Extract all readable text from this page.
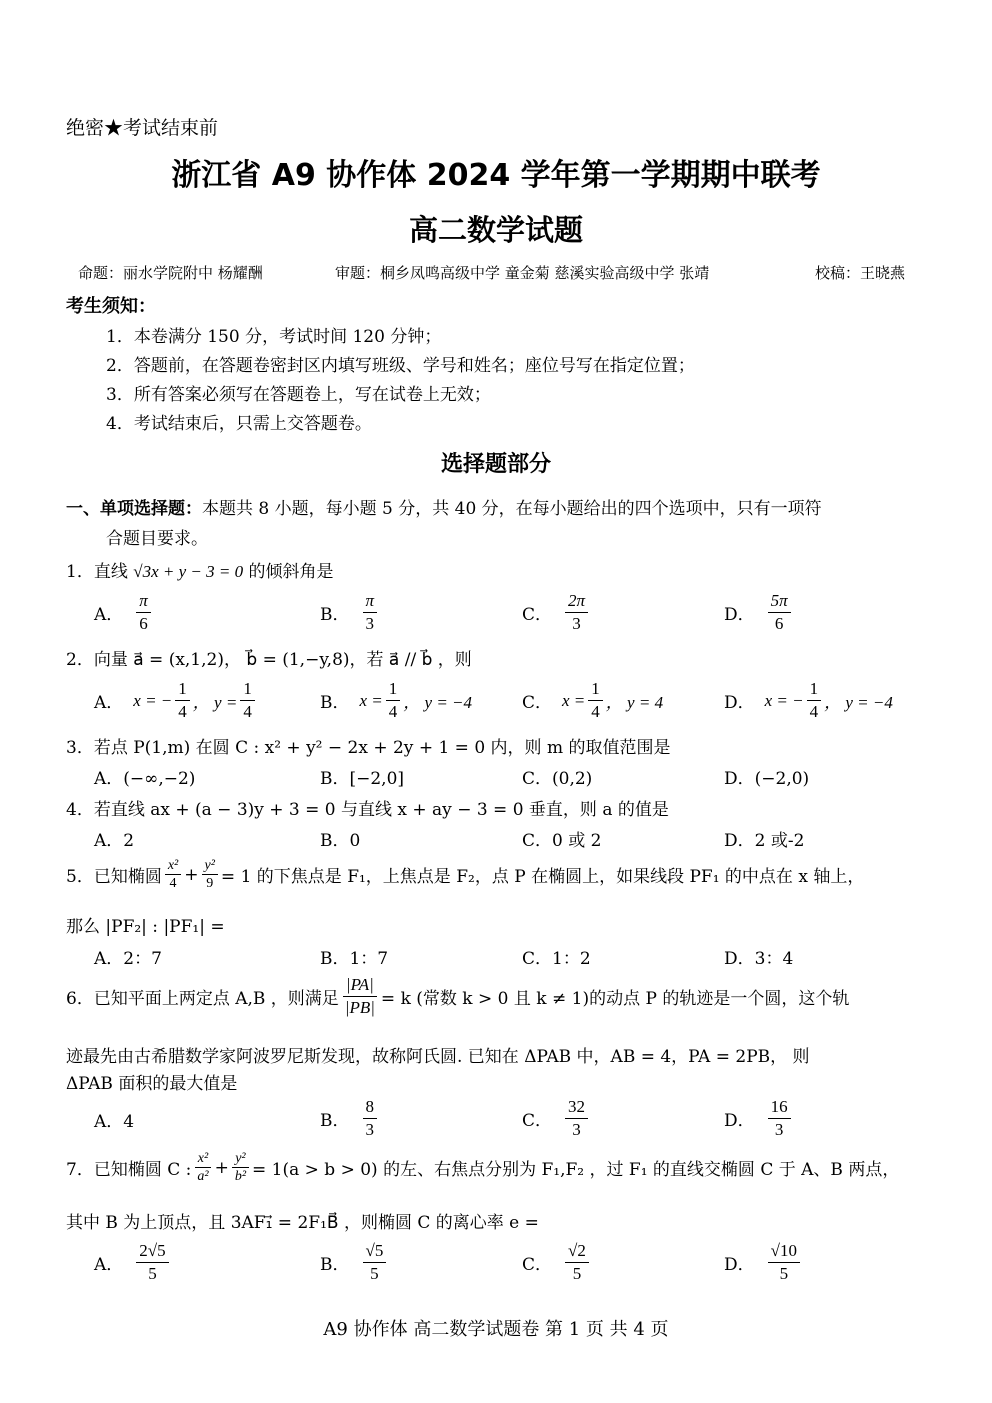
绝密★考试结束前
浙江省 A9 协作体 2024 学年第一学期期中联考
高二数学试题
命题：丽水学院附中 杨耀酬	审题：桐乡凤鸣高级中学 童金菊 慈溪实验高级中学 张靖	校稿：王晓燕
考生须知：
1．本卷满分 150 分，考试时间 120 分钟；
2．答题前，在答题卷密封区内填写班级、学号和姓名；座位号写在指定位置；
3．所有答案必须写在答题卷上，写在试卷上无效；
4．考试结束后，只需上交答题卷。
选择题部分
一、单项选择题：本题共 8 小题，每小题 5 分，共 40 分，在每小题给出的四个选项中，只有一项符
合题目要求。
1．直线 √3x + y − 3 = 0 的倾斜角是
A． $\frac{\pi}{6}$	B． $\frac{\pi}{3}$	C． $\frac{2\pi}{3}$	D． $\frac{5\pi}{6}$
2．向量 a⃗ = (x,1,2)， b⃗ = (1,−y,8)，若 a⃗ // b⃗ ，则
A． x = − $\frac{1}{4}$ ， $y = \frac{1}{4}$	B． $x = \frac{1}{4}$ ， y = −4	C． $x = \frac{1}{4}$ ， y = 4	D． x = − $\frac{1}{4}$ ， y = −4
3．若点 P(1,m) 在圆 C : x² + y² − 2x + 2y + 1 = 0 内，则 m 的取值范围是
A．(−∞,−2)	B．[−2,0]	C．(0,2)	D．(−2,0)
4．若直线 ax + (a − 3)y + 3 = 0 与直线 x + ay − 3 = 0 垂直，则 a 的值是
A．2	B．0	C．0 或 2	D．2 或-2
5．已知椭圆 $\frac{\text{x²}}{4} + \frac{\text{y²}}{9} = 1$ 的下焦点是 F₁，上焦点是 F₂，点 P 在椭圆上，如果线段 PF₁ 的中点在 x 轴上，
那么 |PF₂| : |PF₁| =
A．2：7	B．1：7	C．1：2	D．3：4
6．已知平面上两定点 A,B ，则满足 $\frac{|PA|}{|PB|} = k$ (常数 k > 0 且 k ≠ 1)的动点 P 的轨迹是一个圆，这个轨
迹最先由古希腊数学家阿波罗尼斯发现，故称阿氏圆. 已知在 ΔPAB 中，AB = 4，PA = 2PB， 则
ΔPAB 面积的最大值是
A．4	B． $\frac{8}{3}$	C． $\frac{32}{3}$	D． $\frac{16}{3}$
7．已知椭圆 C : $\frac{\text{x²}}{\text{a²}} + \frac{\text{y²}}{\text{b²}} = 1(a > b > 0)$ 的左、右焦点分别为 F₁,F₂ ，过 F₁ 的直线交椭圆 C 于 A、B 两点，
其中 B 为上顶点，且 3AF₁⃗ = 2F₁B⃗ ，则椭圆 C 的离心率 e =
A． $\frac{2√5}{5}$	B． $\frac{√5}{5}$	C． $\frac{√2}{5}$	D． $\frac{√10}{5}$
A9 协作体 高二数学试题卷 第 1 页 共 4 页
